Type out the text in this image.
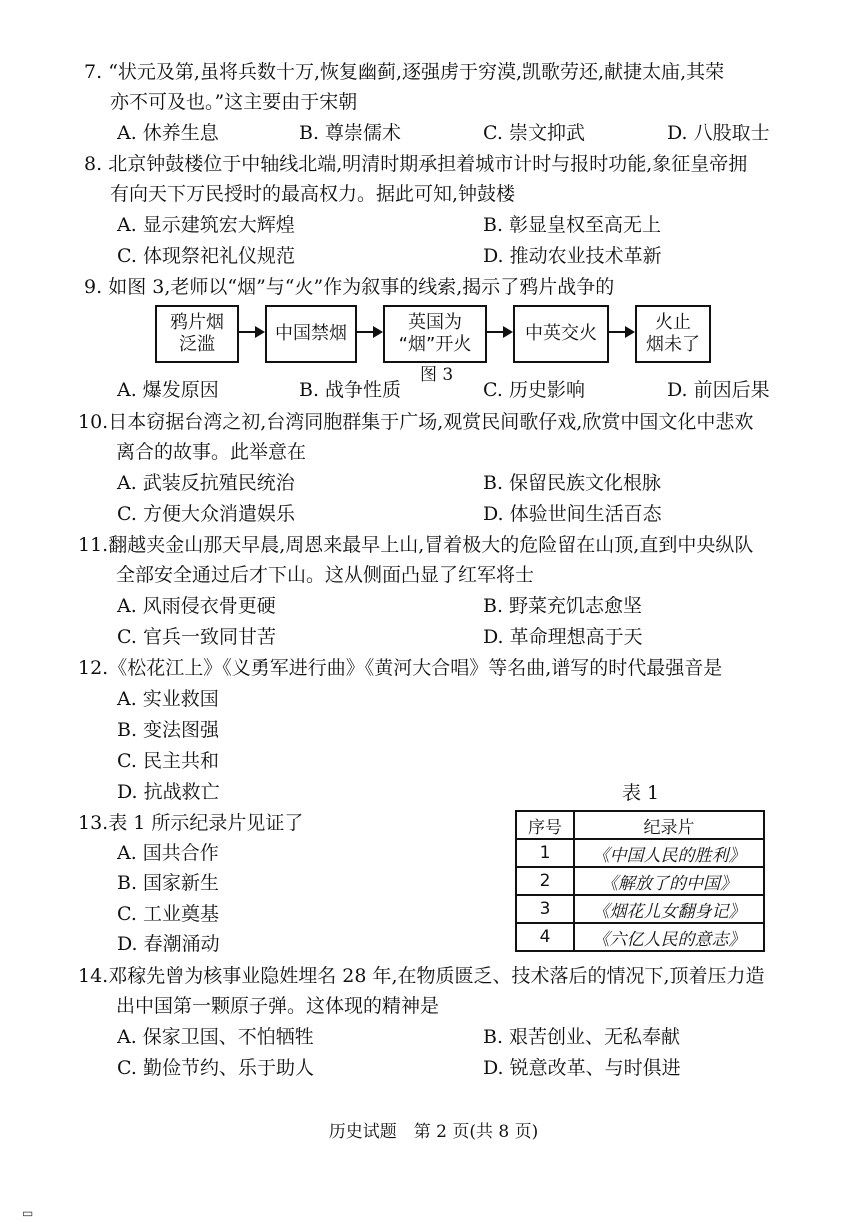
7. “状元及第,虽将兵数十万,恢复幽蓟,逐强虏于穷漠,凯歌劳还,献捷太庙,其荣
亦不可及也。”这主要由于宋朝
A. 休养生息	B. 尊崇儒术	C. 崇文抑武	D. 八股取士
8. 北京钟鼓楼位于中轴线北端,明清时期承担着城市计时与报时功能,象征皇帝拥
有向天下万民授时的最高权力。据此可知,钟鼓楼
A. 显示建筑宏大辉煌	B. 彰显皇权至高无上
C. 体现祭祀礼仪规范	D. 推动农业技术革新
9. 如图 3,老师以“烟”与“火”作为叙事的线索,揭示了鸦片战争的
鸦片烟
泛滥
中国禁烟
英国为
“烟”开火
中英交火
火止
烟未了
图 3
A. 爆发原因	B. 战争性质	C. 历史影响	D. 前因后果
10.日本窃据台湾之初,台湾同胞群集于广场,观赏民间歌仔戏,欣赏中国文化中悲欢
离合的故事。此举意在
A. 武装反抗殖民统治	B. 保留民族文化根脉
C. 方便大众消遣娱乐	D. 体验世间生活百态
11.翻越夹金山那天早晨,周恩来最早上山,冒着极大的危险留在山顶,直到中央纵队
全部安全通过后才下山。这从侧面凸显了红军将士
A. 风雨侵衣骨更硬	B. 野菜充饥志愈坚
C. 官兵一致同甘苦	D. 革命理想高于天
12.《松花江上》《义勇军进行曲》《黄河大合唱》等名曲,谱写的时代最强音是
A. 实业救国
B. 变法图强
C. 民主共和
D. 抗战救亡	表 1
序号	纪录片
1	《中国人民的胜利》
2	《解放了的中国》
3	《烟花儿女翻身记》
4	《六亿人民的意志》
13.表 1 所示纪录片见证了
A. 国共合作
B. 国家新生
C. 工业奠基
D. 春潮涌动
14.邓稼先曾为核事业隐姓埋名 28 年,在物质匮乏、技术落后的情况下,顶着压力造
出中国第一颗原子弹。这体现的精神是
A. 保家卫国、不怕牺牲	B. 艰苦创业、无私奉献
C. 勤俭节约、乐于助人	D. 锐意改革、与时俱进
历史试题　第 2 页(共 8 页)
▭
